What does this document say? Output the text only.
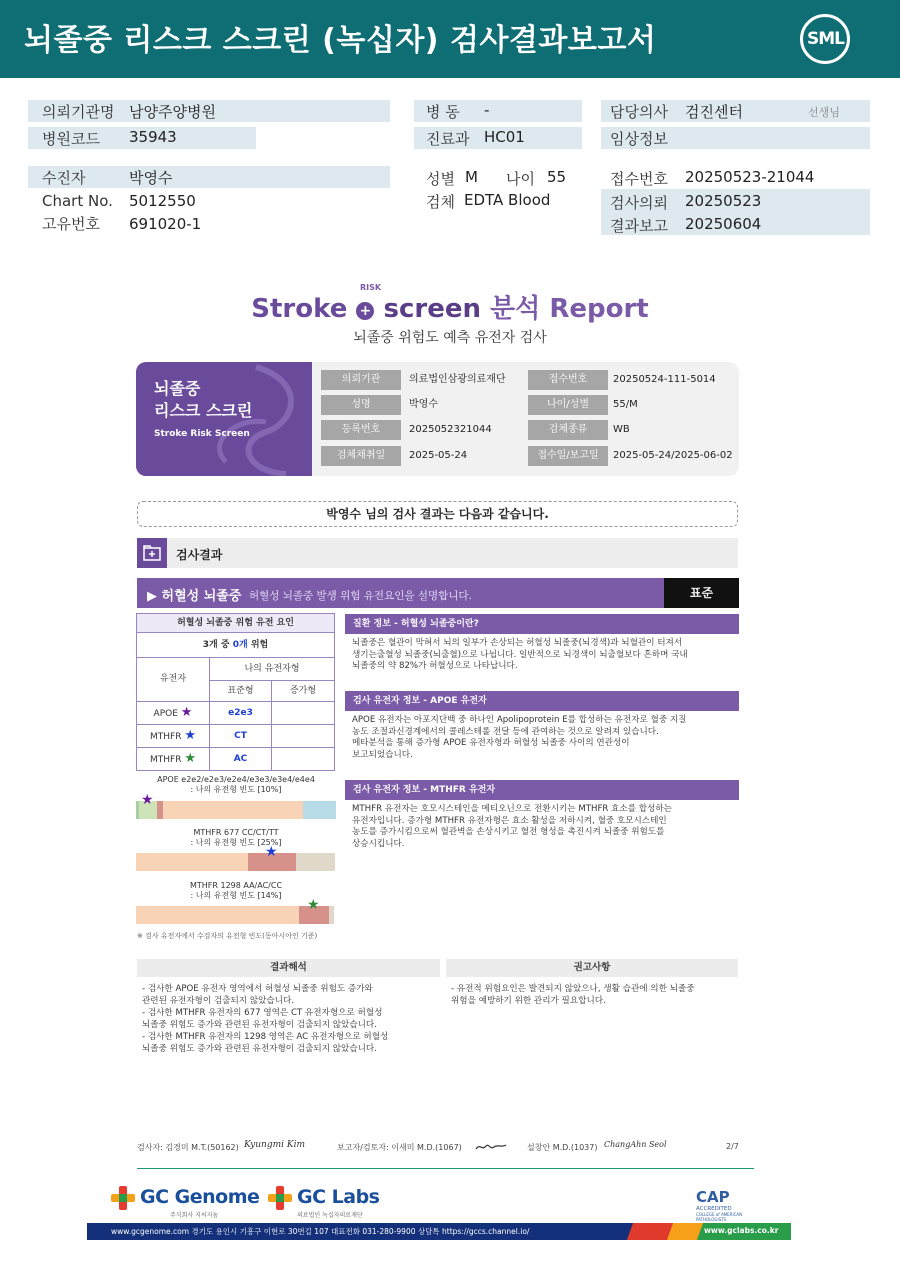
뇌졸중 리스크 스크린 (녹십자) 검사결과보고서	SML
의뢰기관명 남양주양병원
병원코드 35943
병 동 -
진료과 HC01
담당의사 검진센터	선생님
임상정보
수진자	박영수
Chart No. 5012550
고유번호 691020-1
성별 M 나이 55
검체 EDTA Blood
접수번호 20250523-21044
검사의뢰 20250523
결과보고 20250604
Stroke + screen 분석 Report
RISK
뇌졸중 위험도 예측 유전자 검사
뇌졸중
리스크 스크린
Stroke Risk Screen
의뢰기관	의료법인삼광의료재단	접수번호	20250524-111-5014
성명	박영수	나이/성별	55/M
등록번호	2025052321044	검체종류	WB
검체채취일	2025-05-24	접수일/보고일	2025-05-24/2025-06-02
박영수 님의 검사 결과는 다음과 같습니다.
검사결과
▶ 허혈성 뇌졸중 허혈성 뇌졸중 발생 위험 유전요인을 설명합니다.	표준
허혈성 뇌졸중 위험 유전 요인
3개 중 0개 위험
유전자
나의 유전자형
표준형	증가형
APOE ★	e2e3
MTHFR ★	CT
MTHFR ★	AC
APOE e2e2/e2e3/e2e4/e3e3/e3e4/e4e4
: 나의 유전형 빈도 [10%]
★
MTHFR 677 CC/CT/TT
: 나의 유전형 빈도 [25%]
★
MTHFR 1298 AA/AC/CC
: 나의 유전형 빈도 [14%]
★
※ 검사 유전자에서 수검자의 유전형 빈도(동아시아인 기준)
질환 정보 - 허혈성 뇌졸중이란?
뇌졸중은 혈관이 막혀서 뇌의 일부가 손상되는 허혈성 뇌졸중(뇌경색)과 뇌혈관이 터져서
생기는출혈성 뇌졸중(뇌출혈)으로 나뉩니다. 일반적으로 뇌경색이 뇌출혈보다 흔하며 국내
뇌졸중의 약 82%가 허혈성으로 나타납니다.
검사 유전자 정보 - APOE 유전자
APOE 유전자는 아포지단백 중 하나인 Apolipoprotein E를 합성하는 유전자로 혈중 지질
농도 조절과신경계에서의 콜레스테롤 전달 등에 관여하는 것으로 알려져 있습니다.
메타분석을 통해 증가형 APOE 유전자형과 허혈성 뇌졸중 사이의 연관성이
보고되었습니다.
검사 유전자 정보 - MTHFR 유전자
MTHFR 유전자는 호모시스테인을 메티오닌으로 전환시키는 MTHFR 효소를 합성하는
유전자입니다. 증가형 MTHFR 유전자형은 효소 활성을 저하시켜, 혈중 호모시스테인
농도를 증가시킴으로써 혈관벽을 손상시키고 혈전 형성을 촉진시켜 뇌졸중 위험도를
상승시킵니다.
결과해석
- 검사한 APOE 유전자 영역에서 허혈성 뇌졸중 위험도 증가와
관련된 유전자형이 검출되지 않았습니다.
- 검사한 MTHFR 유전자의 677 영역은 CT 유전자형으로 허혈성
뇌졸중 위험도 증가와 관련된 유전자형이 검출되지 않았습니다.
- 검사한 MTHFR 유전자의 1298 영역은 AC 유전자형으로 허혈성
뇌졸중 위험도 증가와 관련된 유전자형이 검출되지 않았습니다.
권고사항
- 유전적 위험요인은 발견되지 않았으나, 생활 습관에 의한 뇌졸중
위험을 예방하기 위한 관리가 필요합니다.
검사자: 김경미 M.T.(50162) Kyungmi Kim	보고자/검토자: 이새미 M.D.(1067)	설창안 M.D.(1037) ChangAhn Seol	2/7
GC Genome
주식회사 지씨지놈
GC Labs
의료법인 녹십자의료재단
CAP
ACCREDITED
COLLEGE of AMERICAN PATHOLOGISTS
www.gcgenome.com 경기도 용인시 기흥구 이현로 30번길 107 대표전화 031-280-9900 상담톡 https://gccs.channel.io/	www.gclabs.co.kr
